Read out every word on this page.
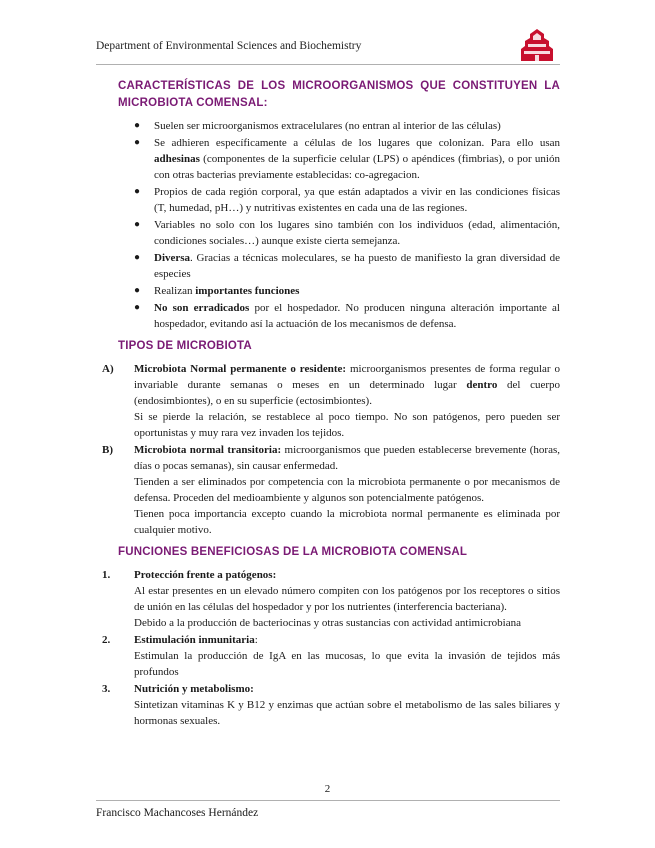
Department of Environmental Sciences and Biochemistry
CARACTERÍSTICAS DE LOS MICROORGANISMOS QUE CONSTITUYEN LA MICROBIOTA COMENSAL:
● Suelen ser microorganismos extracelulares (no entran al interior de las células)
● Se adhieren específicamente a células de los lugares que colonizan. Para ello usan adhesinas (componentes de la superficie celular (LPS) o apéndices (fimbrias), o por unión con otras bacterias previamente establecidas: co-agregacion.
● Propios de cada región corporal, ya que están adaptados a vivir en las condiciones físicas (T, humedad, pH…) y nutritivas existentes en cada una de las regiones.
● Variables no solo con los lugares sino también con los individuos (edad, alimentación, condiciones sociales…) aunque existe cierta semejanza.
● Diversa. Gracias a técnicas moleculares, se ha puesto de manifiesto la gran diversidad de especies
● Realizan importantes funciones
● No son erradicados por el hospedador. No producen ninguna alteración importante al hospedador, evitando así la actuación de los mecanismos de defensa.
TIPOS DE MICROBIOTA
A)	Microbiota Normal permanente o residente: microorganismos presentes de forma regular o invariable durante semanas o meses en un determinado lugar dentro del cuerpo (endosimbiontes), o en su superficie (ectosimbiontes).

Si se pierde la relación, se restablece al poco tiempo. No son patógenos, pero pueden ser oportunistas y muy rara vez invaden los tejidos.

B)	Microbiota normal transitoria: microorganismos que pueden establecerse brevemente (horas, días o pocas semanas), sin causar enfermedad.

Tienden a ser eliminados por competencia con la microbiota permanente o por mecanismos de defensa. Proceden del medioambiente y algunos son potencialmente patógenos.

Tienen poca importancia excepto cuando la microbiota normal permanente es eliminada por cualquier motivo.

FUNCIONES BENEFICIOSAS DE LA MICROBIOTA COMENSAL
1.	Protección frente a patógenos:

Al estar presentes en un elevado número compiten con los patógenos por los receptores o sitios de unión en las células del hospedador y por los nutrientes (interferencia bacteriana).

Debido a la producción de bacteriocinas y otras sustancias con actividad antimicrobiana

2.	Estimulación inmunitaria:

Estimulan la producción de IgA en las mucosas, lo que evita la invasión de tejidos más profundos

3.	Nutrición y metabolismo:

Sintetizan vitaminas K y B12 y enzimas que actúan sobre el metabolismo de las sales biliares y hormonas sexuales.

2
Francisco Machancoses Hernández
